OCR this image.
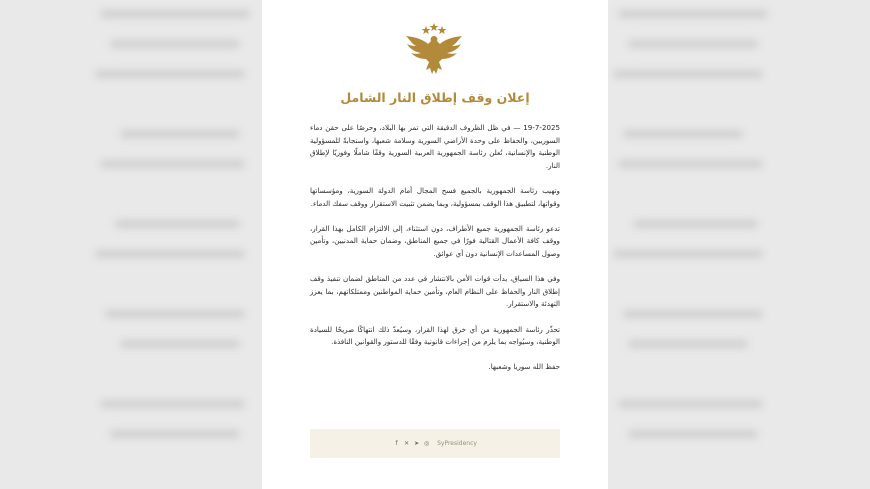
إعلان وقف إطلاق النار الشامل

19-7-2025 — في ظل الظروف الدقيقة التي تمر بها البلاد، وحرصًا على حقن دماء السوريين، والحفاظ على وحدة الأراضي السورية وسلامة شعبها، واستجابةً للمسؤولية الوطنية والإنسانية، تُعلن رئاسة الجمهورية العربية السورية وقفًا شاملًا وفوريًا لإطلاق النار.

وتهيب رئاسة الجمهورية بالجميع فسح المجال أمام الدولة السورية، ومؤسساتها وقواتها، لتطبيق هذا الوقف بمسؤولية، وبما يضمن تثبيت الاستقرار ووقف سفك الدماء.

تدعو رئاسة الجمهورية جميع الأطراف، دون استثناء، إلى الالتزام الكامل بهذا القرار، ووقف كافة الأعمال القتالية فورًا في جميع المناطق، وضمان حماية المدنيين، وتأمين وصول المساعدات الإنسانية دون أي عوائق.

وفي هذا السياق، بدأت قوات الأمن بالانتشار في عدد من المناطق لضمان تنفيذ وقف إطلاق النار والحفاظ على النظام العام، وتأمين حماية المواطنين وممتلكاتهم، بما يعزز التهدئة والاستقرار.

تحذّر رئاسة الجمهورية من أي خرق لهذا القرار، وسيُعدّ ذلك انتهاكًا صريحًا للسيادة الوطنية، وسيُواجه بما يلزم من إجراءات قانونية وفقًا للدستور والقوانين النافذة.

حفظ الله سوريا وشعبها.

f	✕ ➤ ◎ SyPresidency
